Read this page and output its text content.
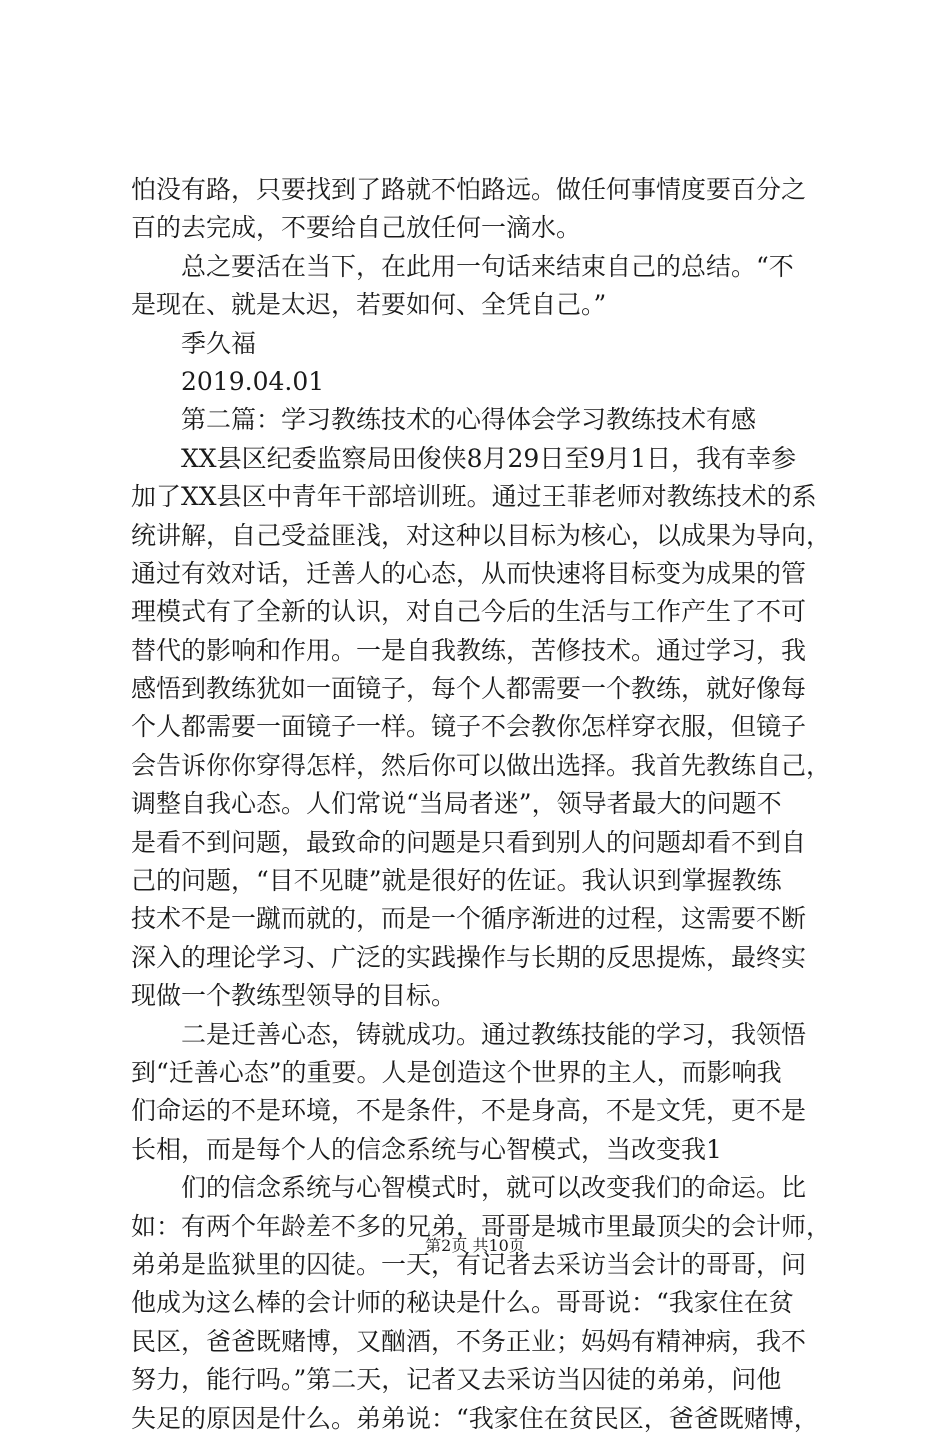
怕没有路，只要找到了路就不怕路远。做任何事情度要百分之
百的去完成，不要给自己放任何一滴水。
总之要活在当下，在此用一句话来结束自己的总结。“不
是现在、就是太迟，若要如何、全凭自己。”
季久福
2019.04.01
第二篇：学习教练技术的心得体会学习教练技术有感
XX县区纪委监察局田俊侠8月29日至9月1日，我有幸参
加了XX县区中青年干部培训班。通过王菲老师对教练技术的系
统讲解，自己受益匪浅，对这种以目标为核心，以成果为导向，
通过有效对话，迁善人的心态，从而快速将目标变为成果的管
理模式有了全新的认识，对自己今后的生活与工作产生了不可
替代的影响和作用。一是自我教练，苦修技术。通过学习，我
感悟到教练犹如一面镜子，每个人都需要一个教练，就好像每
个人都需要一面镜子一样。镜子不会教你怎样穿衣服，但镜子
会告诉你你穿得怎样，然后你可以做出选择。我首先教练自己，
调整自我心态。人们常说“当局者迷”，领导者最大的问题不
是看不到问题，最致命的问题是只看到别人的问题却看不到自
己的问题，“目不见睫”就是很好的佐证。我认识到掌握教练
技术不是一蹴而就的，而是一个循序渐进的过程，这需要不断
深入的理论学习、广泛的实践操作与长期的反思提炼，最终实
现做一个教练型领导的目标。
二是迁善心态，铸就成功。通过教练技能的学习，我领悟
到“迁善心态”的重要。人是创造这个世界的主人，而影响我
们命运的不是环境，不是条件，不是身高，不是文凭，更不是
长相，而是每个人的信念系统与心智模式，当改变我1
们的信念系统与心智模式时，就可以改变我们的命运。比
如：有两个年龄差不多的兄弟，哥哥是城市里最顶尖的会计师，
弟弟是监狱里的囚徒。一天，有记者去采访当会计的哥哥，问
他成为这么棒的会计师的秘诀是什么。哥哥说：“我家住在贫
民区，爸爸既赌博，又酗酒，不务正业；妈妈有精神病，我不
努力，能行吗。”第二天，记者又去采访当囚徒的弟弟，问他
失足的原因是什么。弟弟说：“我家住在贫民区，爸爸既赌博，
第2页 共10页
